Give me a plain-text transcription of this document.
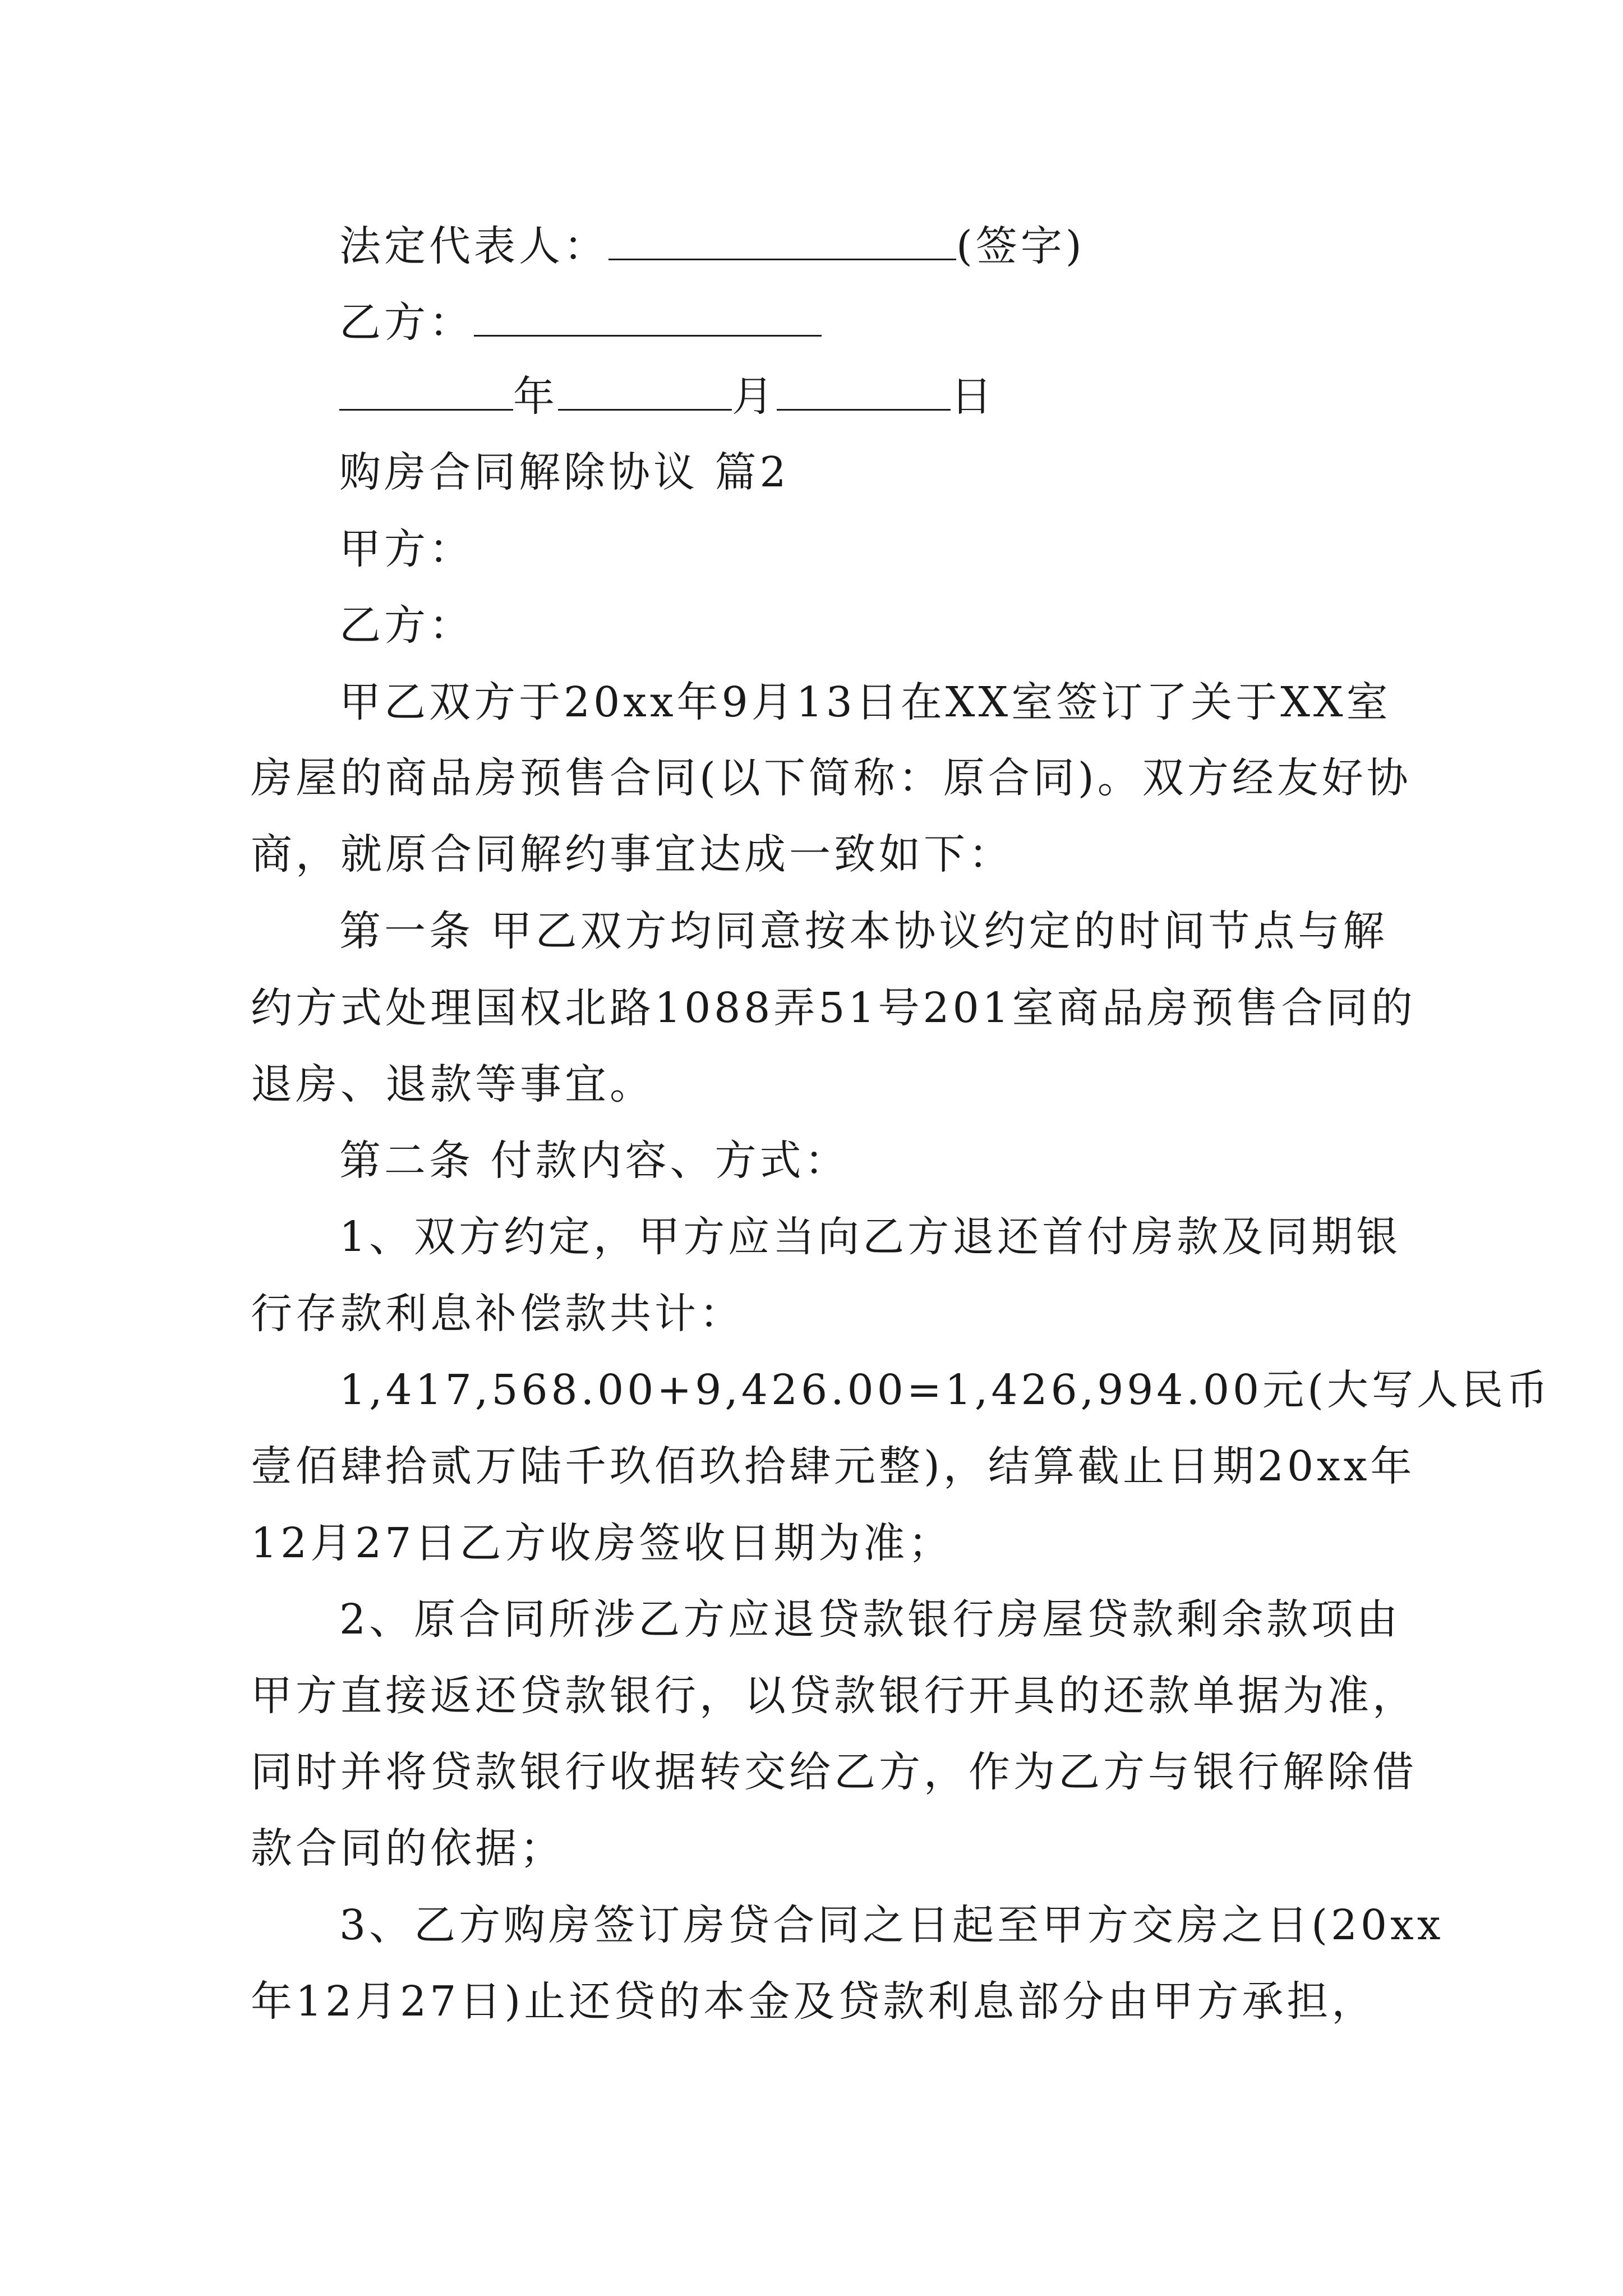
法定代表人：	(签字)
乙方：
年	月	日
购房合同解除协议 篇2
甲方：
乙方：
甲乙双方于20xx年9月13日在XX室签订了关于XX室
房屋的商品房预售合同(以下简称：原合同)。双方经友好协
商，就原合同解约事宜达成一致如下：
第一条 甲乙双方均同意按本协议约定的时间节点与解
约方式处理国权北路1088弄51号201室商品房预售合同的
退房、退款等事宜。
第二条 付款内容、方式：
1、双方约定，甲方应当向乙方退还首付房款及同期银
行存款利息补偿款共计：
1,417,568.00+9,426.00=1,426,994.00元(大写人民币
壹佰肆拾贰万陆千玖佰玖拾肆元整)，结算截止日期20xx年
12月27日乙方收房签收日期为准；
2、原合同所涉乙方应退贷款银行房屋贷款剩余款项由
甲方直接返还贷款银行，以贷款银行开具的还款单据为准，
同时并将贷款银行收据转交给乙方，作为乙方与银行解除借
款合同的依据；
3、乙方购房签订房贷合同之日起至甲方交房之日(20xx
年12月27日)止还贷的本金及贷款利息部分由甲方承担，
